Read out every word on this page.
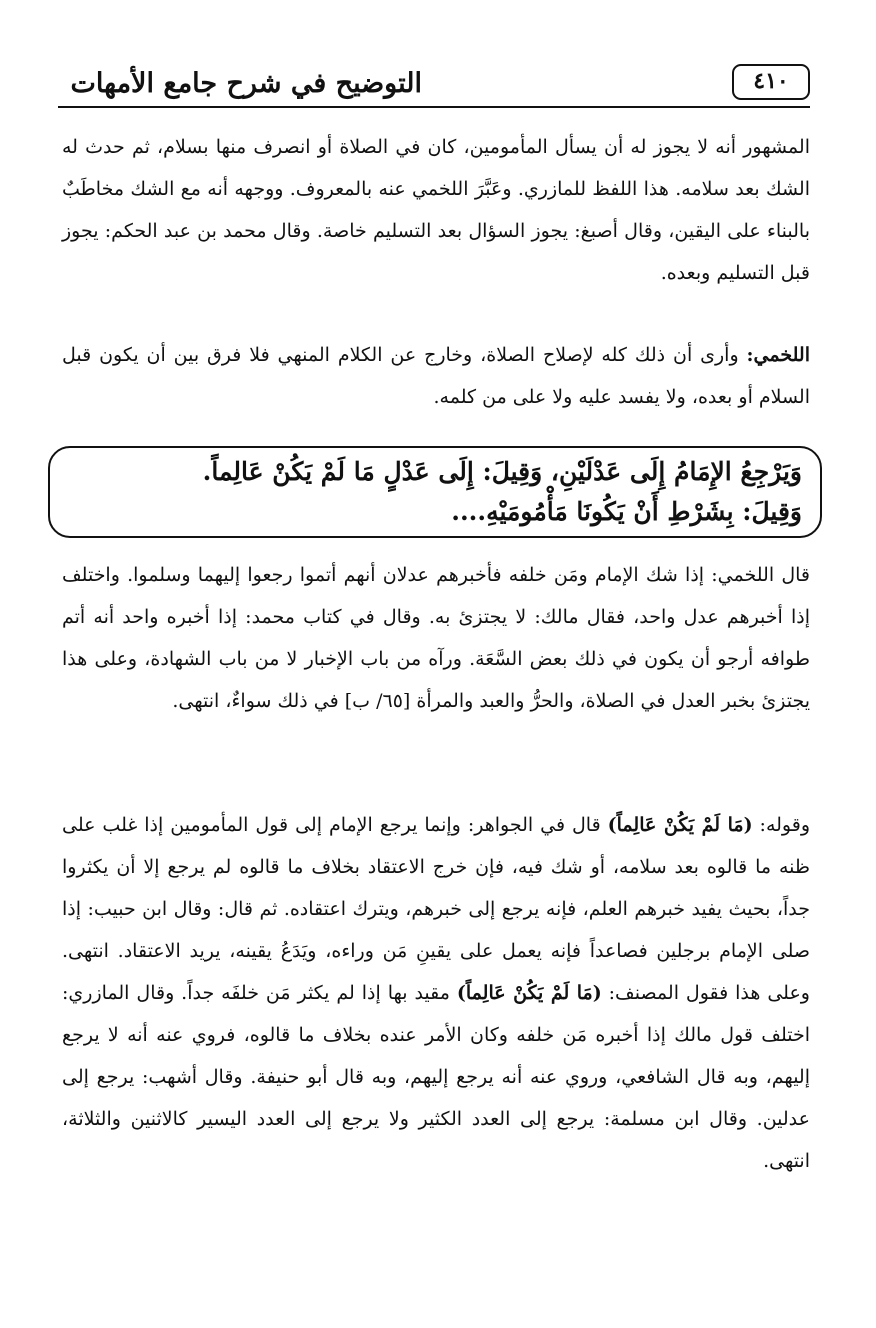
٤١٠
التوضيح في شرح جامع الأمهات

المشهور أنه لا يجوز له أن يسأل المأمومين، كان في الصلاة أو انصرف منها بسلام، ثم حدث له الشك بعد سلامه. هذا اللفظ للمازري. وعَبَّرَ اللخمي عنه بالمعروف. ووجهه أنه مع الشك مخاطَبٌ بالبناء على اليقين، وقال أصبغ: يجوز السؤال بعد التسليم خاصة. وقال محمد بن عبد الحكم: يجوز قبل التسليم وبعده.

اللخمي: وأرى أن ذلك كله لإصلاح الصلاة، وخارج عن الكلام المنهي فلا فرق بين أن يكون قبل السلام أو بعده، ولا يفسد عليه ولا على من كلمه.

وَيَرْجِعُ الإِمَامُ إِلَى عَدْلَيْنِ، وَقِيلَ: إِلَى عَدْلٍ مَا لَمْ يَكُنْ عَالِماً.
وَقِيلَ: بِشَرْطِ أَنْ يَكُونَا مَأْمُومَيْهِ....

قال اللخمي: إذا شك الإمام ومَن خلفه فأخبرهم عدلان أنهم أتموا رجعوا إليهما وسلموا. واختلف إذا أخبرهم عدل واحد، فقال مالك: لا يجتزئ به. وقال في كتاب محمد: إذا أخبره واحد أنه أتم طوافه أرجو أن يكون في ذلك بعض السَّعَة. ورآه من باب الإخبار لا من باب الشهادة، وعلى هذا يجتزئ بخبر العدل في الصلاة، والحرُّ والعبد والمرأة [٦٥/ ب] في ذلك سواءٌ، انتهى.

وقوله: (مَا لَمْ يَكُنْ عَالِماً) قال في الجواهر: وإنما يرجع الإمام إلى قول المأمومين إذا غلب على ظنه ما قالوه بعد سلامه، أو شك فيه، فإن خرج الاعتقاد بخلاف ما قالوه لم يرجع إلا أن يكثروا جداً، بحيث يفيد خبرهم العلم، فإنه يرجع إلى خبرهم، ويترك اعتقاده. ثم قال: وقال ابن حبيب: إذا صلى الإمام برجلين فصاعداً فإنه يعمل على يقينِ مَن وراءه، ويَدَعُ يقينه، يريد الاعتقاد. انتهى. وعلى هذا فقول المصنف: (مَا لَمْ يَكُنْ عَالِماً) مقيد بها إذا لم يكثر مَن خلفَه جداً. وقال المازري: اختلف قول مالك إذا أخبره مَن خلفه وكان الأمر عنده بخلاف ما قالوه، فروي عنه أنه لا يرجع إليهم، وبه قال الشافعي، وروي عنه أنه يرجع إليهم، وبه قال أبو حنيفة. وقال أشهب: يرجع إلى عدلين. وقال ابن مسلمة: يرجع إلى العدد الكثير ولا يرجع إلى العدد اليسير كالاثنين والثلاثة، انتهى.
